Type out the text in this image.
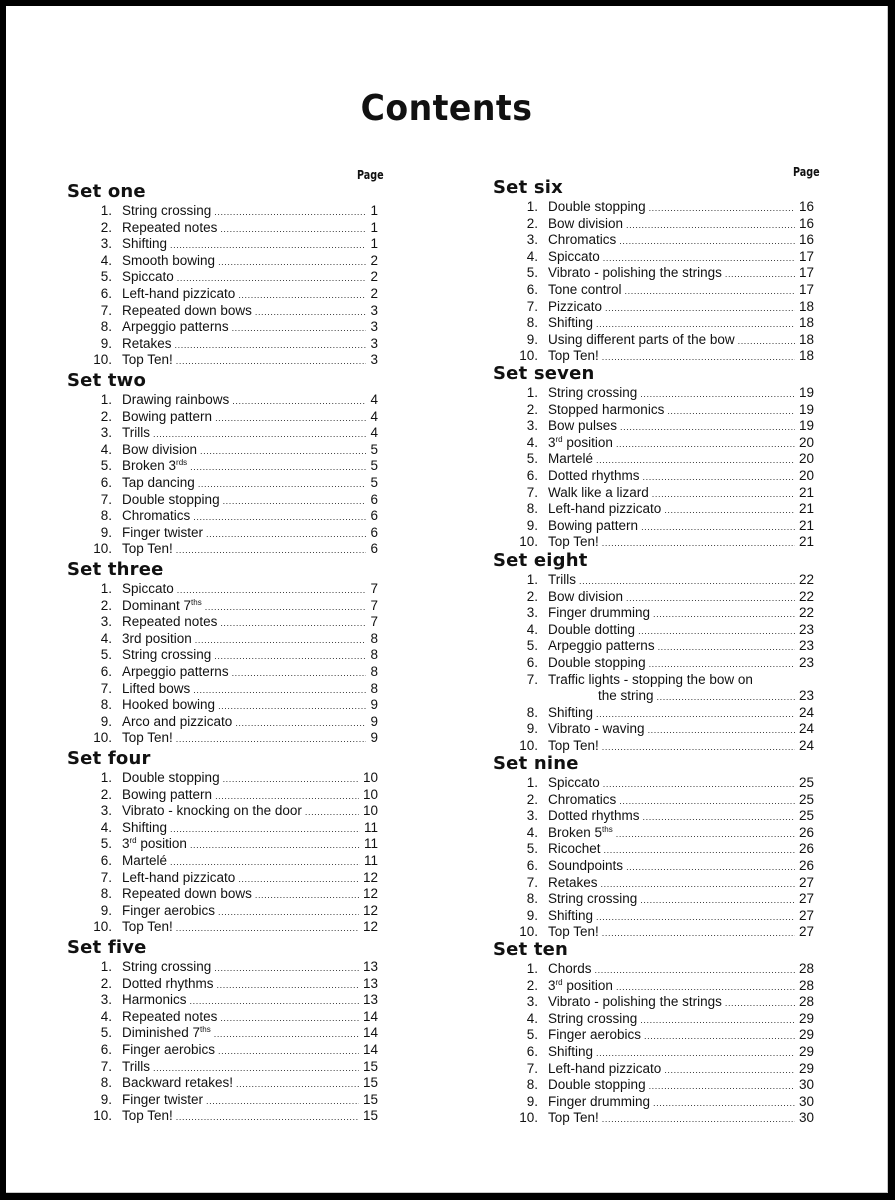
Contents
Page
Set one
1. String crossing .....	1
2. Repeated notes .....	1
3. Shifting .....	1
4. Smooth bowing .....	2
5. Spiccato .....	2
6. Left-hand pizzicato .....	2
7. Repeated down bows .....	3
8. Arpeggio patterns .....	3
9. Retakes .....	3
10. Top Ten! .....	3
Set two
1. Drawing rainbows .....	4
2. Bowing pattern .....	4
3. Trills .....	4
4. Bow division .....	5
5. Broken $3^{rds}$ .....	5
6. Tap dancing .....	5
7. Double stopping .....	6
8. Chromatics .....	6
9. Finger twister .....	6
10. Top Ten! .....	6
Set three
1. Spiccato .....	7
2. Dominant $7^{ths}$ .....	7
3. Repeated notes .....	7
4. 3rd position .....	8
5. String crossing .....	8
6. Arpeggio patterns .....	8
7. Lifted bows .....	8
8. Hooked bowing .....	9
9. Arco and pizzicato .....	9
10. Top Ten! .....	9
Set four
1. Double stopping .....	10
2. Bowing pattern .....	10
3. Vibrato - knocking on the door .....	10
4. Shifting .....	11
5. 3rd position .....	11
6. Martelé .....	11
7. Left-hand pizzicato .....	12
8. Repeated down bows .....	12
9. Finger aerobics .....	12
10. Top Ten! .....	12
Set five
1. String crossing .....	13
2. Dotted rhythms .....	13
3. Harmonics .....	13
4. Repeated notes .....	14
5. Diminished $7^{ths}$ .....	14
6. Finger aerobics .....	14
7. Trills .....	15
8. Backward retakes! .....	15
9. Finger twister .....	15
10. Top Ten! .....	15
Page
Set six
1. Double stopping .....	16
2. Bow division .....	16
3. Chromatics .....	16
4. Spiccato .....	17
5. Vibrato - polishing the strings .....	17
6. Tone control .....	17
7. Pizzicato .....	18
8. Shifting .....	18
9. Using different parts of the bow .....	18
10. Top Ten! .....	18
Set seven
1. String crossing .....	19
2. Stopped harmonics .....	19
3. Bow pulses .....	19
4. 3rd position .....	20
5. Martelé .....	20
6. Dotted rhythms .....	20
7. Walk like a lizard .....	21
8. Left-hand pizzicato .....	21
9. Bowing pattern .....	21
10. Top Ten! .....	21
Set eight
1. Trills .....	22
2. Bow division .....	22
3. Finger drumming .....	22
4. Double dotting .....	23
5. Arpeggio patterns .....	23
6. Double stopping .....	23
7. Traffic lights - stopping the bow on
the string .....	23
8. Shifting .....	24
9. Vibrato - waving .....	24
10. Top Ten! .....	24
Set nine
1. Spiccato .....	25
2. Chromatics .....	25
3. Dotted rhythms .....	25
4. Broken $5^{ths}$ .....	26
5. Ricochet .....	26
6. Soundpoints .....	26
7. Retakes .....	27
8. String crossing .....	27
9. Shifting .....	27
10. Top Ten! .....	27
Set ten
1. Chords .....	28
2. 3rd position .....	28
3. Vibrato - polishing the strings .....	28
4. String crossing .....	29
5. Finger aerobics .....	29
6. Shifting .....	29
7. Left-hand pizzicato .....	29
8. Double stopping .....	30
9. Finger drumming .....	30
10. Top Ten! .....	30
